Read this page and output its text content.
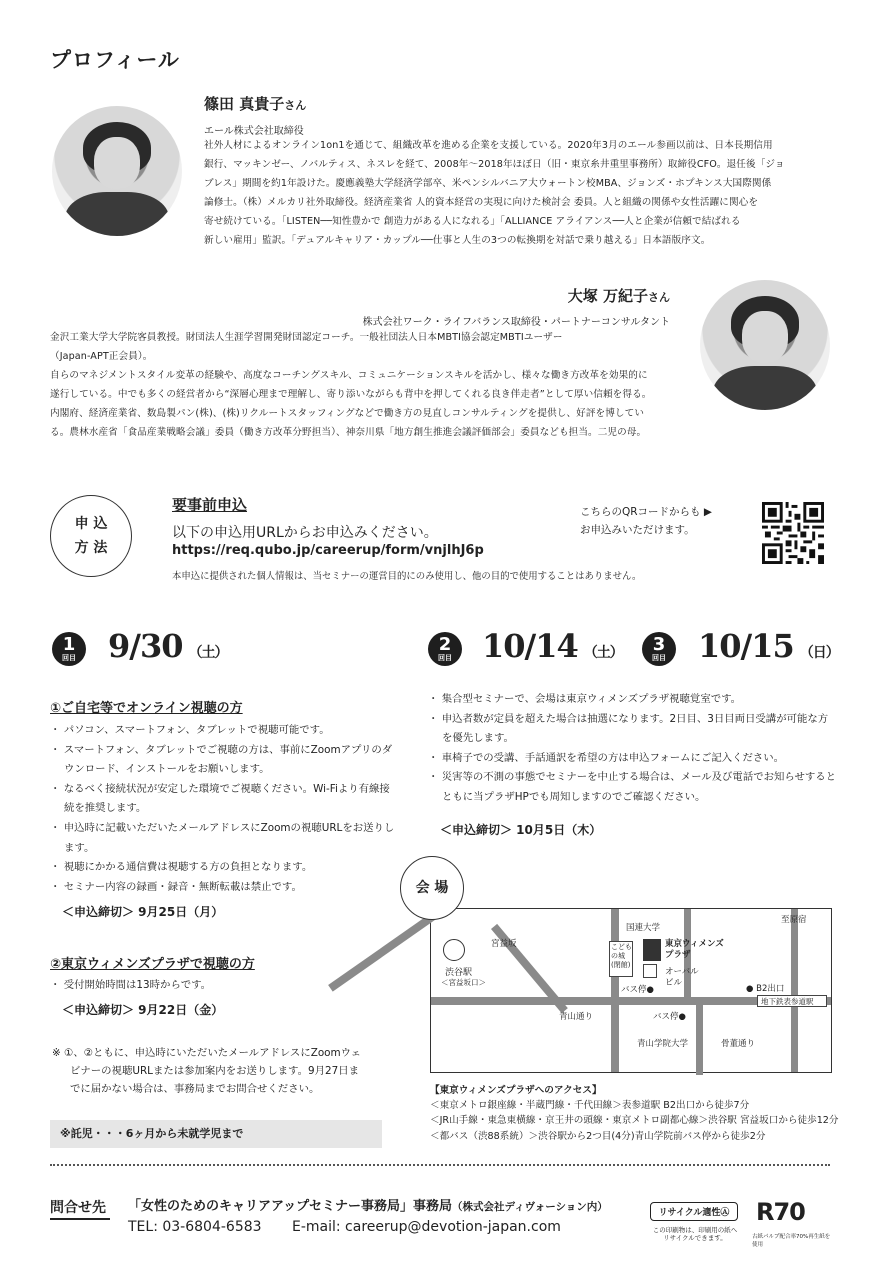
プロフィール
篠田 真貴子さん
エール株式会社取締役
社外人材によるオンライン1on1を通じて、組織改革を進める企業を支援している。2020年3月のエール参画以前は、日本長期信用
銀行、マッキンゼー、ノバルティス、ネスレを経て、2008年〜2018年ほぼ日（旧・東京糸井重里事務所）取締役CFO。退任後「ジョ
ブレス」期間を約1年設けた。慶應義塾大学経済学部卒、米ペンシルバニア大ウォートン校MBA、ジョンズ・ホプキンス大国際関係
論修士。（株）メルカリ社外取締役。経済産業省 人的資本経営の実現に向けた検討会 委員。人と組織の関係や女性活躍に関心を
寄せ続けている。「LISTEN──知性豊かで 創造力がある人になれる」「ALLIANCE アライアンス──人と企業が信頼で結ばれる
新しい雇用」監訳。「デュアルキャリア・カップル──仕事と人生の3つの転換期を対話で乗り越える」日本語版序文。
大塚 万紀子さん
株式会社ワーク・ライフバランス取締役・パートナーコンサルタント
金沢工業大学大学院客員教授。財団法人生涯学習開発財団認定コーチ。一般社団法人日本MBTI協会認定MBTIユーザー
（Japan-APT正会員）。
自らのマネジメントスタイル変革の経験や、高度なコーチングスキル、コミュニケーションスキルを活かし、様々な働き方改革を効果的に
遂行している。中でも多くの経営者から“深層心理まで理解し、寄り添いながらも背中を押してくれる良き伴走者”として厚い信頼を得る。
内閣府、経済産業省、数島製パン(株)、(株)リクルートスタッフィングなどで働き方の見直しコンサルティングを提供し、好評を博してい
る。農林水産省「食品産業戦略会議」委員（働き方改革分野担当）、神奈川県「地方創生推進会議評価部会」委員なども担当。二児の母。
申 込
方 法
要事前申込
以下の申込用URLからお申込みください。
https://req.qubo.jp/careerup/form/vnjlhJ6p
本申込に提供された個人情報は、当セミナーの運営目的にのみ使用し、他の目的で使用することはありません。
こちらのQRコードからも ▶
お申込みいただけます。
1
回目	9/30 （土）	2
回目 10/14 （土）	3
回目	10/15 （日）
①ご自宅等でオンライン視聴の方
・ パソコン、スマートフォン、タブレットで視聴可能です。
・ スマートフォン、タブレットでご視聴の方は、事前にZoomアプリのダウンロード、インストールをお願いします。
・ なるべく接続状況が安定した環境でご視聴ください。Wi-Fiより有線接続を推奨します。
・ 申込時に記載いただいたメールアドレスにZoomの視聴URLをお送りします。
・ 視聴にかかる通信費は視聴する方の負担となります。
・ セミナー内容の録画・録音・無断転載は禁止です。
＜申込締切＞ 9月25日（月）
②東京ウィメンズプラザで視聴の方
・ 受付開始時間は13時からです。
＜申込締切＞ 9月22日（金）
※ ①、②ともに、申込時にいただいたメールアドレスにZoomウェ
ビナーの視聴URLまたは参加案内をお送りします。9月27日ま
でに届かない場合は、事務局までお問合せください。
※託児・・・6ヶ月から未就学児まで
・ 集合型セミナーで、会場は東京ウィメンズプラザ視聴覚室です。
・ 申込者数が定員を超えた場合は抽選になります。2日目、3日目両日受講が可能な方を優先します。
・ 車椅子での受講、手話通訳を希望の方は申込フォームにご記入ください。
・ 災害等の不測の事態でセミナーを中止する場合は、メール及び電話でお知らせするとともに当プラザHPでも周知しますのでご確認ください。
＜申込締切＞ 10月5日（木）
宮益坂
渋谷駅
＜宮益坂口＞
国連大学
こども
の城
(閉館)
東京ウィメンズ
プラザ
オーバル
ビル
至原宿
● B2出口
地下鉄表参道駅
バス停●
バス停●
青山通り
青山学院大学	骨董通り
会 場
【東京ウィメンズプラザへのアクセス】
＜東京メトロ銀座線・半蔵門線・千代田線＞表参道駅 B2出口から徒歩7分
＜JR山手線・東急東横線・京王井の頭線・東京メトロ副都心線＞渋谷駅 宮益坂口から徒歩12分
＜都バス（渋88系統）＞渋谷駅から2つ目(4分)青山学院前バス停から徒歩2分
問合せ先 「女性のためのキャリアアップセミナー事務局」事務局（株式会社ディヴォーション内）
TEL: 03-6804-6583 E-mail: careerup@devotion-japan.com
リサイクル適性Ⓐ
この印刷物は、印刷用の紙へ
リサイクルできます。
R70
古紙パルプ配合率70%再生紙を使用
